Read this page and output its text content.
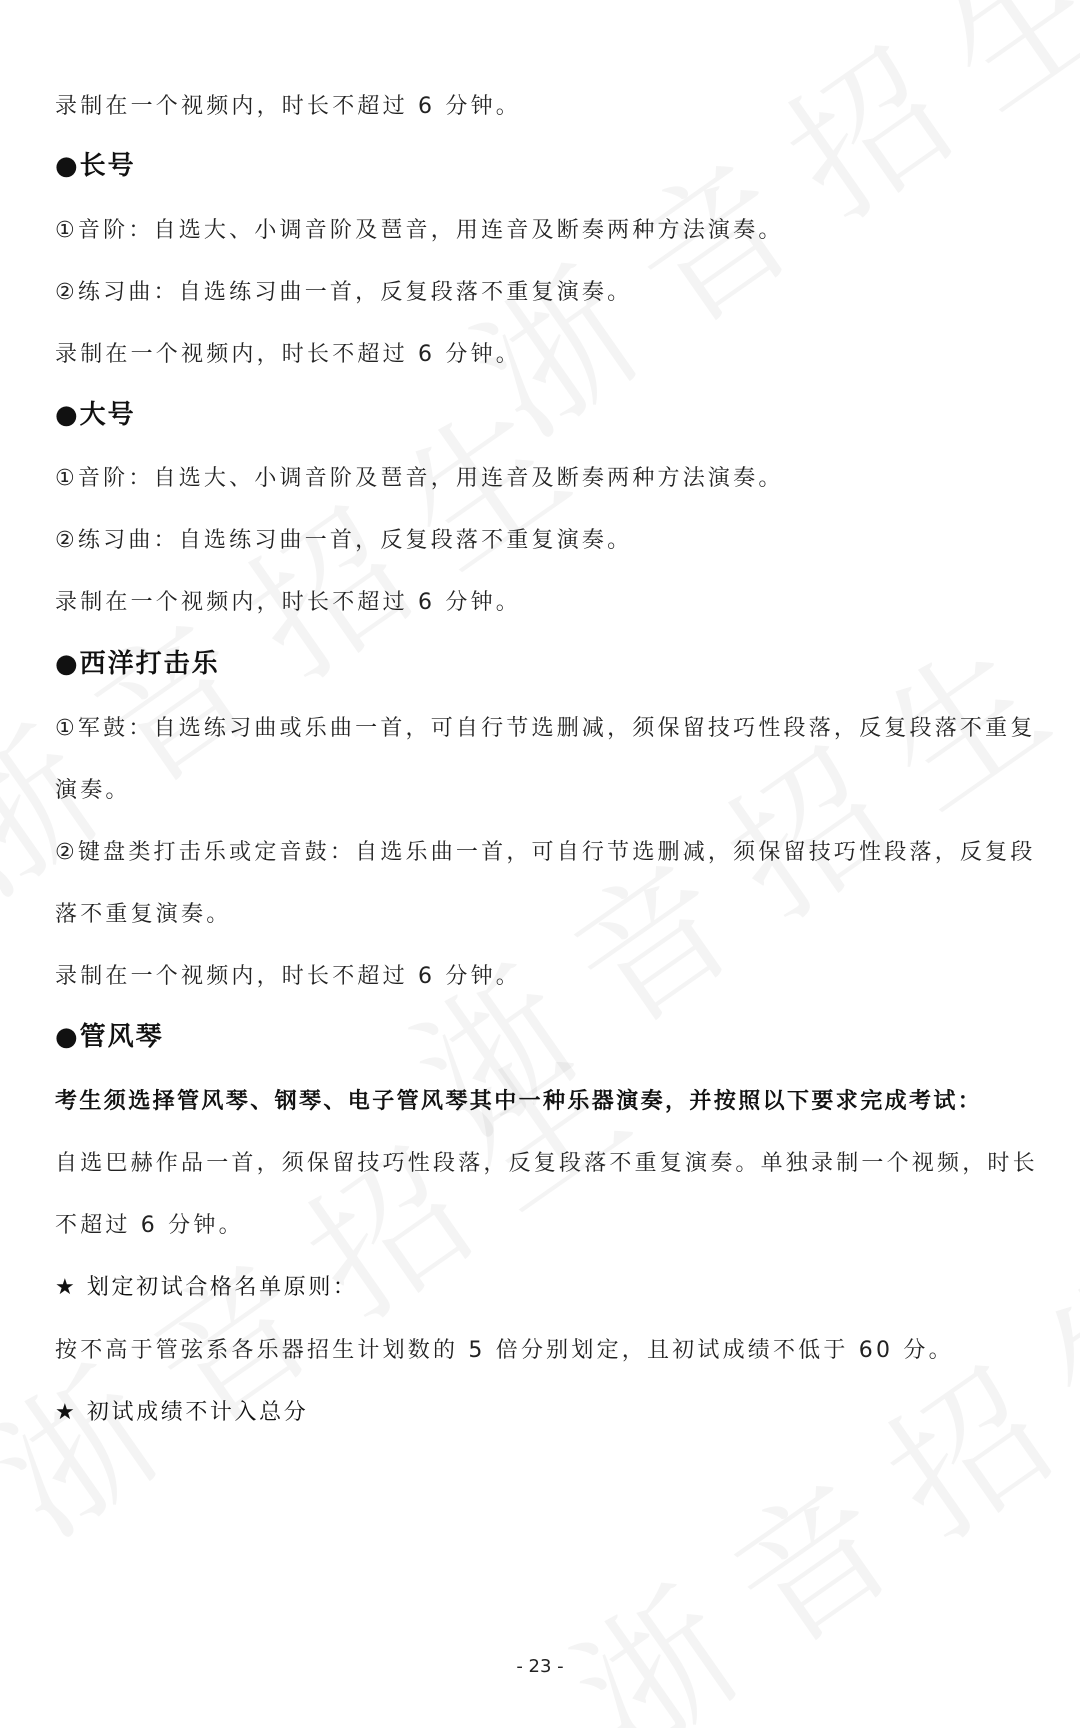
录制在一个视频内，时长不超过 6 分钟。
●长号
①音阶：自选大、小调音阶及琶音，用连音及断奏两种方法演奏。
②练习曲：自选练习曲一首，反复段落不重复演奏。
录制在一个视频内，时长不超过 6 分钟。
●大号
①音阶：自选大、小调音阶及琶音，用连音及断奏两种方法演奏。
②练习曲：自选练习曲一首，反复段落不重复演奏。
录制在一个视频内，时长不超过 6 分钟。
●西洋打击乐
①军鼓：自选练习曲或乐曲一首，可自行节选删减，须保留技巧性段落，反复段落不重复
演奏。
②键盘类打击乐或定音鼓：自选乐曲一首，可自行节选删减，须保留技巧性段落，反复段
落不重复演奏。
录制在一个视频内，时长不超过 6 分钟。
●管风琴
考生须选择管风琴、钢琴、电子管风琴其中一种乐器演奏，并按照以下要求完成考试：
自选巴赫作品一首，须保留技巧性段落，反复段落不重复演奏。单独录制一个视频，时长
不超过 6 分钟。
★ 划定初试合格名单原则：
按不高于管弦系各乐器招生计划数的 5 倍分别划定，且初试成绩不低于 60 分。
★ 初试成绩不计入总分
- 23 -
